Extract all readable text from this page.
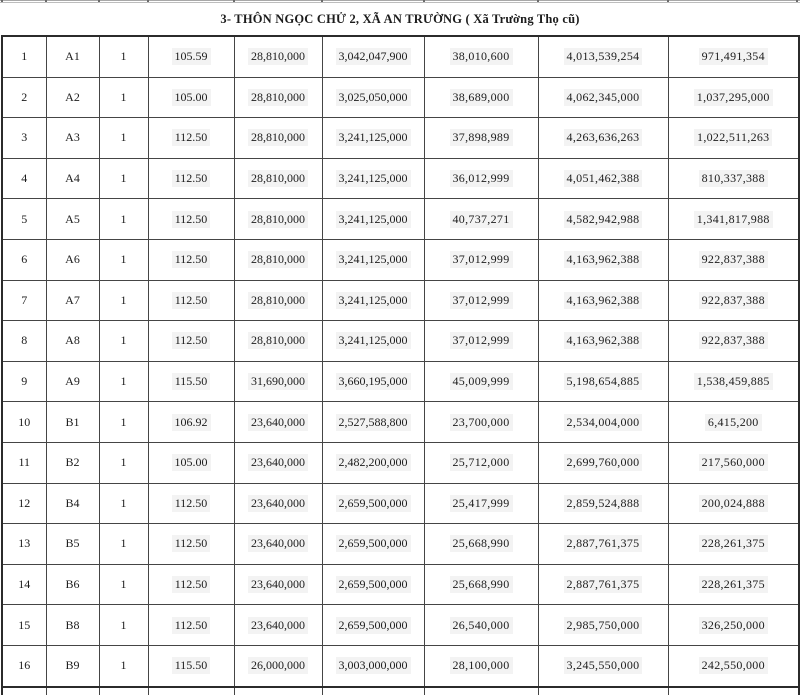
3- THÔN NGỌC CHỬ 2, XÃ AN TRƯỜNG ( Xã Trường Thọ cũ)
1	A1	1	105.59	28,810,000	3,042,047,900	38,010,600	4,013,539,254	971,491,354
2	A2	1	105.00	28,810,000	3,025,050,000	38,689,000	4,062,345,000	1,037,295,000
3	A3	1	112.50	28,810,000	3,241,125,000	37,898,989	4,263,636,263	1,022,511,263
4	A4	1	112.50	28,810,000	3,241,125,000	36,012,999	4,051,462,388	810,337,388
5	A5	1	112.50	28,810,000	3,241,125,000	40,737,271	4,582,942,988	1,341,817,988
6	A6	1	112.50	28,810,000	3,241,125,000	37,012,999	4,163,962,388	922,837,388
7	A7	1	112.50	28,810,000	3,241,125,000	37,012,999	4,163,962,388	922,837,388
8	A8	1	112.50	28,810,000	3,241,125,000	37,012,999	4,163,962,388	922,837,388
9	A9	1	115.50	31,690,000	3,660,195,000	45,009,999	5,198,654,885	1,538,459,885
10	B1	1	106.92	23,640,000	2,527,588,800	23,700,000	2,534,004,000	6,415,200
11	B2	1	105.00	23,640,000	2,482,200,000	25,712,000	2,699,760,000	217,560,000
12	B4	1	112.50	23,640,000	2,659,500,000	25,417,999	2,859,524,888	200,024,888
13	B5	1	112.50	23,640,000	2,659,500,000	25,668,990	2,887,761,375	228,261,375
14	B6	1	112.50	23,640,000	2,659,500,000	25,668,990	2,887,761,375	228,261,375
15	B8	1	112.50	23,640,000	2,659,500,000	26,540,000	2,985,750,000	326,250,000
16	B9	1	115.50	26,000,000	3,003,000,000	28,100,000	3,245,550,000	242,550,000
